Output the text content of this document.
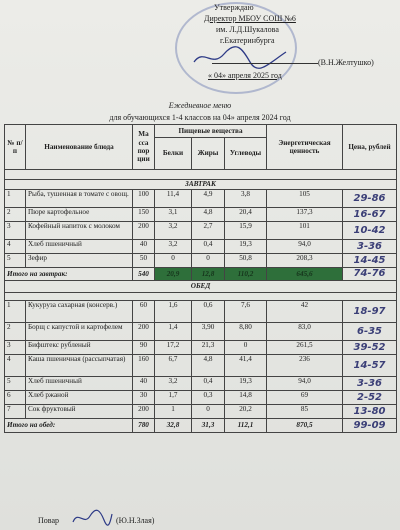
Утверждаю
Директор МБОУ СОШ №6
им. Л.Д.Шукалова
г.Екатеринбурга
(В.Н.Желтушко)
« 04» апреля 2025 год
Ежедневное меню
для обучающихся 1-4 классов на 04» апреля 2024 год
№ п/п	Наименование блюда	Ма сса пор ции	Пищевые вещества			Энергетическая ценность	Цена, рублей
			Белки	Жиры	Углеводы		

ЗАВТРАК							
1	Рыба, тушенная в томате с овощ.	100	11,4	4,9	3,8	105	29-86
2	Пюре картофельное	150	3,1	4,8	20,4	137,3	16-67
3	Кофейный напиток с молоком	200	3,2	2,7	15,9	101	10-42
4	Хлеб пшеничный	40	3,2	0,4	19,3	94,0	3-36
5	Зефир	50	0	0	50,8	208,3	14-45
Итого на завтрак:		540	20,9	12,8	110,2	645,6	74-76
ОБЕД							

1	Кукуруза сахарная (консерв.)	60	1,6	0,6	7,6	42	18-97
2	Борщ с капустой и картофелем	200	1,4	3,90	8,80	83,0	6-35
3	Бифштекс рубленый	90	17,2	21,3	0	261,5	39-52
4	Каша пшеничная (рассыпчатая)	160	6,7	4,8	41,4	236	14-57
5	Хлеб пшеничный	40	3,2	0,4	19,3	94,0	3-36
6	Хлеб ржаной	30	1,7	0,3	14,8	69	2-52
7	Сок фруктовый	200	1	0	20,2	85	13-80
Итого на обед:		780	32,8	31,3	112,1	870,5	99-09
Повар	(Ю.Н.Злая)
